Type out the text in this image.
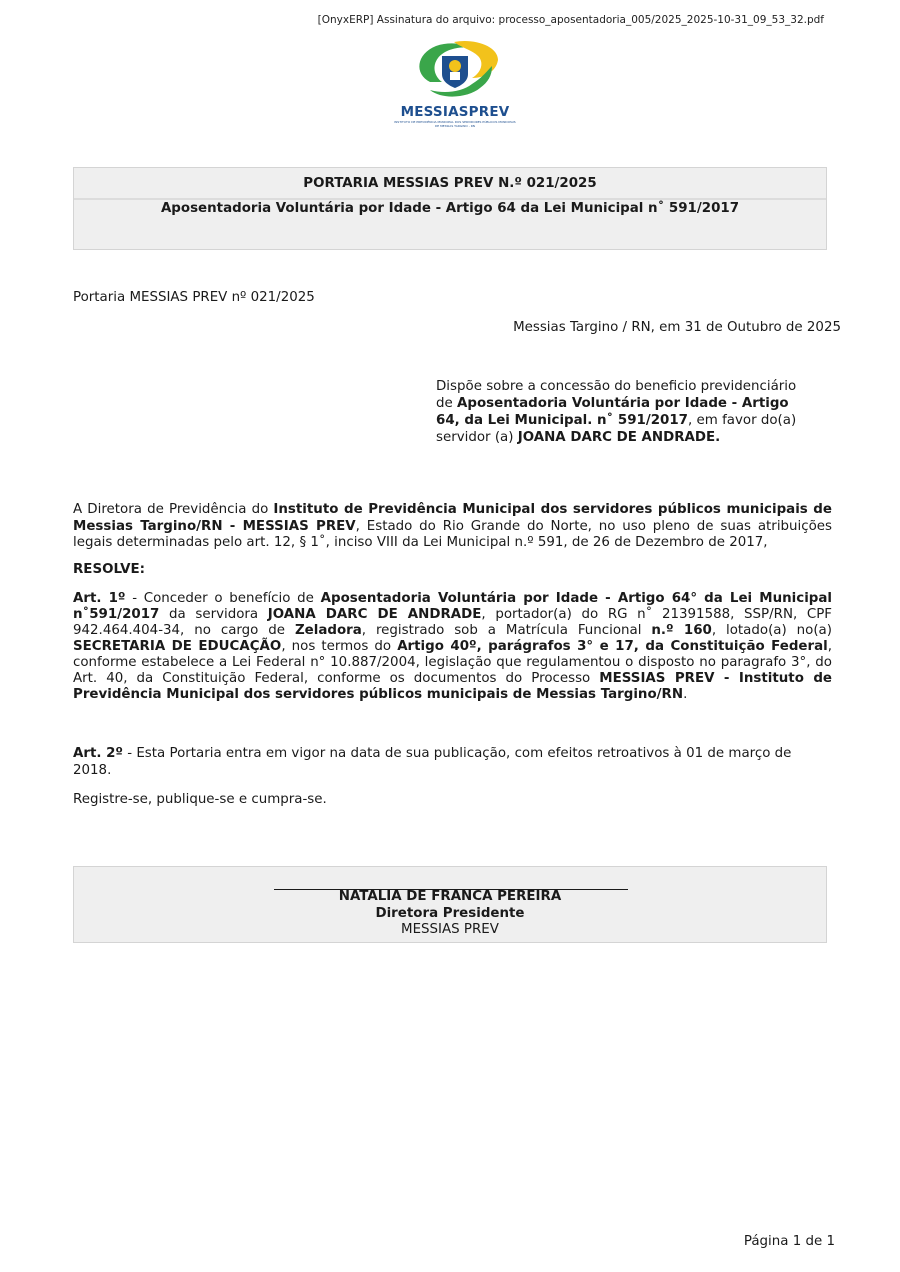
[OnyxERP] Assinatura do arquivo: processo_aposentadoria_005/2025_2025-10-31_09_53_32.pdf
MESSIASPREV
INSTITUTO DE PREVIDÊNCIA MUNICIPAL DOS SERVIDORES PÚBLICOS MUNICIPAIS DE MESSIAS TARGINO - RN
PORTARIA MESSIAS PREV N.º 021/2025
Aposentadoria Voluntária por Idade - Artigo 64 da Lei Municipal n˚ 591/2017
Portaria MESSIAS PREV nº 021/2025
Messias Targino / RN, em 31 de Outubro de 2025
Dispõe sobre a concessão do beneficio previdenciário de Aposentadoria Voluntária por Idade - Artigo 64, da Lei Municipal. n˚ 591/2017, em favor do(a) servidor (a) JOANA DARC DE ANDRADE.
A Diretora de Previdência do Instituto de Previdência Municipal dos servidores públicos municipais de Messias Targino/RN - MESSIAS PREV, Estado do Rio Grande do Norte, no uso pleno de suas atribuições legais determinadas pelo art. 12, § 1˚, inciso VIII da Lei Municipal n.º 591, de 26 de Dezembro de 2017,
RESOLVE:
Art. 1º - Conceder o benefício de Aposentadoria Voluntária por Idade - Artigo 64° da Lei Municipal n˚591/2017 da servidora JOANA DARC DE ANDRADE, portador(a) do RG n˚ 21391588, SSP/RN, CPF 942.464.404-34, no cargo de Zeladora, registrado sob a Matrícula Funcional n.º 160, lotado(a) no(a) SECRETARIA DE EDUCAÇÃO, nos termos do Artigo 40º, parágrafos 3° e 17, da Constituição Federal, conforme estabelece a Lei Federal n° 10.887/2004, legislação que regulamentou o disposto no paragrafo 3°, do Art. 40, da Constituição Federal, conforme os documentos do Processo MESSIAS PREV - Instituto de Previdência Municipal dos servidores públicos municipais de Messias Targino/RN.
Art. 2º - Esta Portaria entra em vigor na data de sua publicação, com efeitos retroativos à 01 de março de 2018.
Registre-se, publique-se e cumpra-se.
NATALIA DE FRANCA PEREIRA
Diretora Presidente
MESSIAS PREV
Página 1 de 1
